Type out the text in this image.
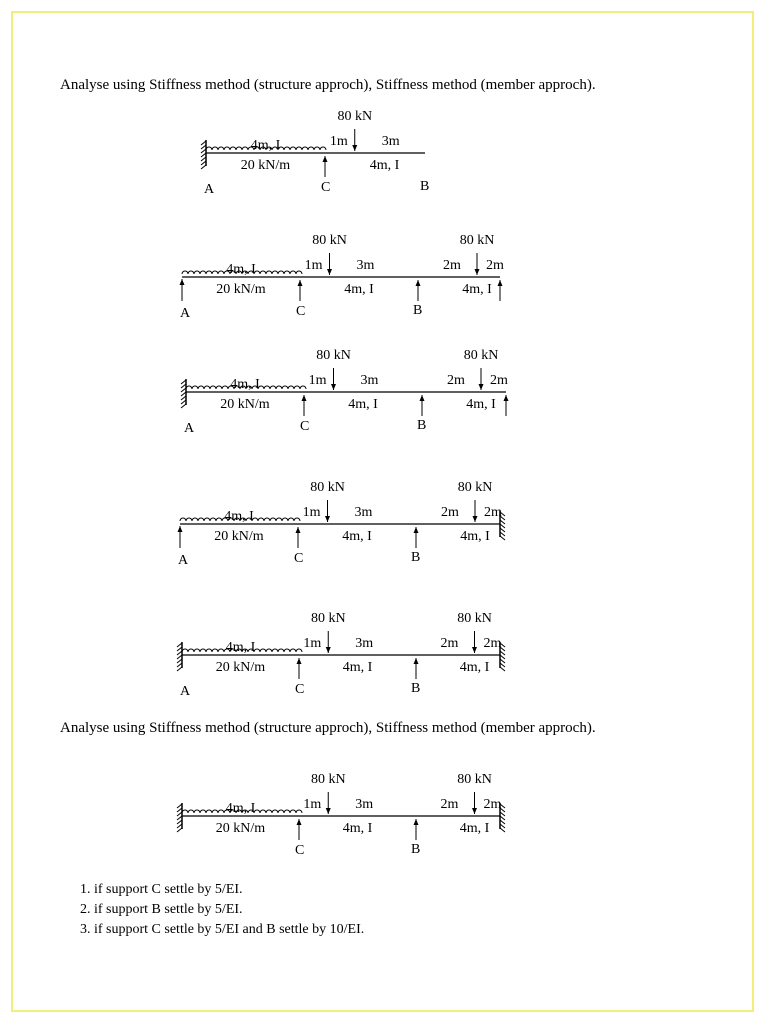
Analyse using Stiffness method (structure approch), Stiffness method (member approch).
Analyse using Stiffness method (structure approch), Stiffness method (member approch).
80 kN
1m 3m
4m, I
20 kN/m	4m, I
A	C	B
80 kN
1m 3m
4m, I
20 kN/m	4m, I
80 kN
2m 2m
4m, I
A	C	B
80 kN
1m 3m
4m, I
20 kN/m	4m, I
80 kN
2m 2m
4m, I
A	C	B
80 kN
1m 3m
4m, I
20 kN/m	4m, I
80 kN
2m 2m
4m, I
A	C	B
80 kN
1m 3m
4m, I
20 kN/m	4m, I
80 kN
2m 2m
4m, I
A	C	B
80 kN
1m 3m
4m, I
20 kN/m	4m, I
80 kN
2m 2m
4m, I
C	B
1. if support C settle by 5/EI.
2. if support B settle by 5/EI.
3. if support C settle by 5/EI and B settle by 10/EI.
